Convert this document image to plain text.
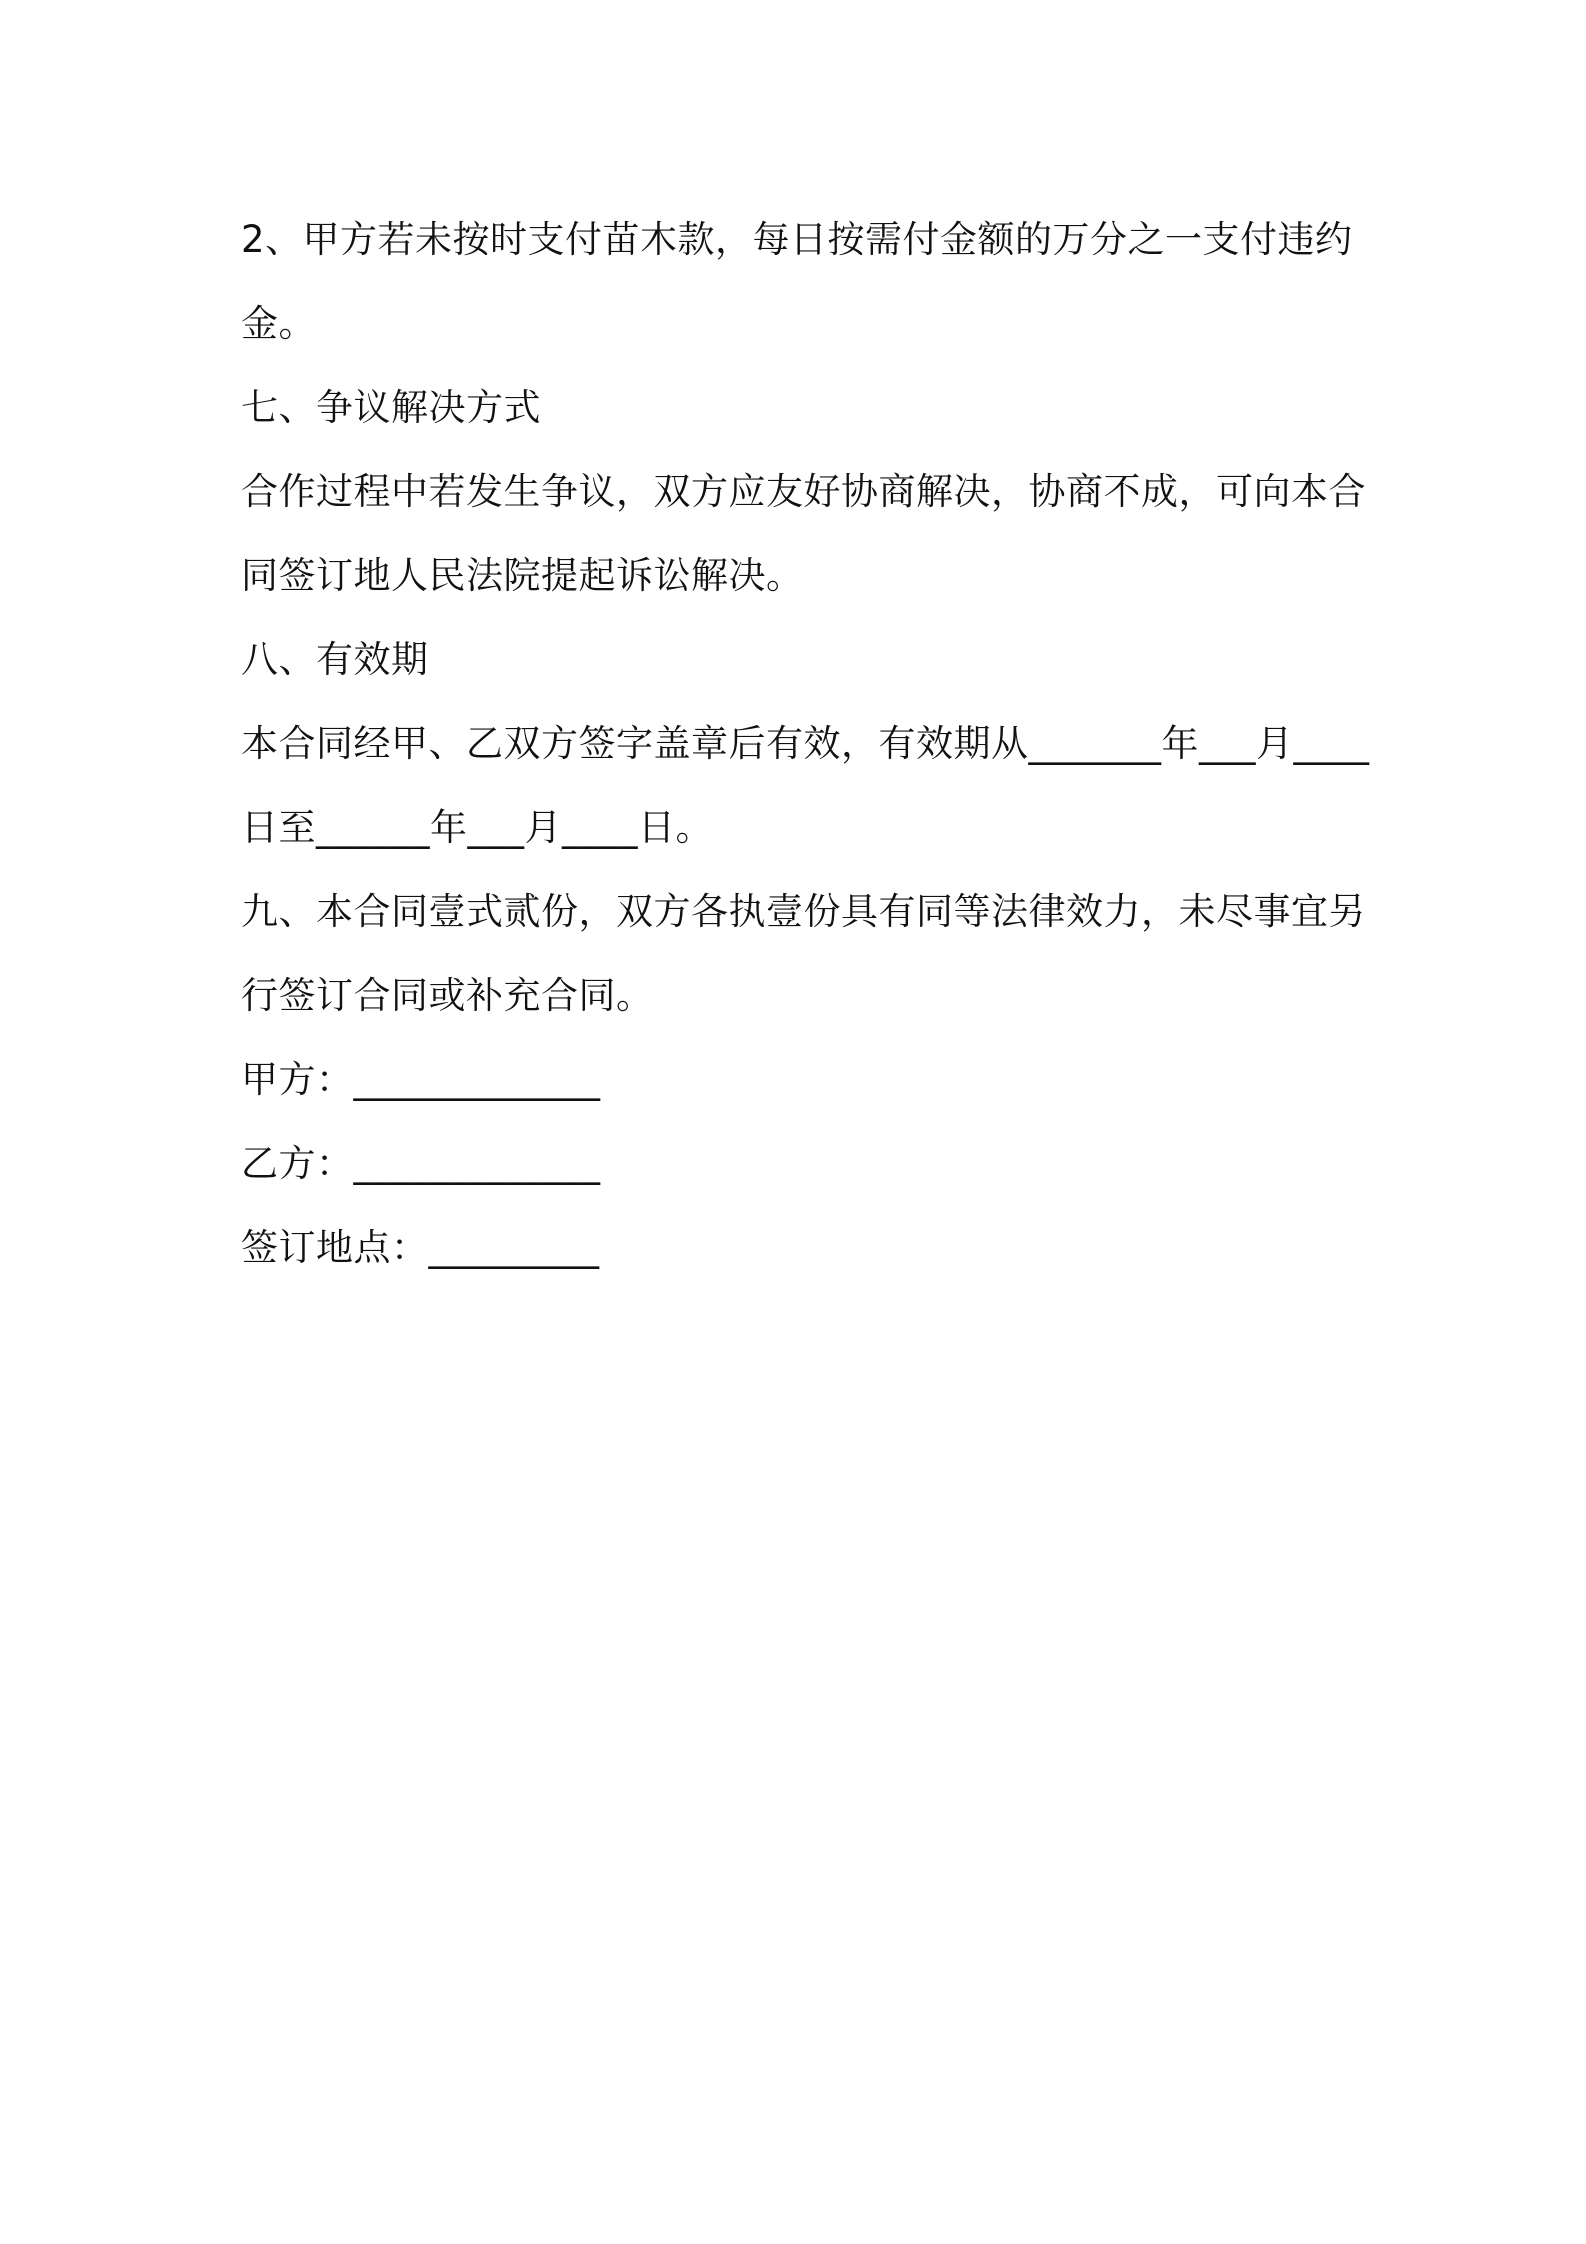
2、甲方若未按时支付苗木款，每日按需付金额的万分之一支付违约
金。
七、争议解决方式
合作过程中若发生争议，双方应友好协商解决，协商不成，可向本合
同签订地人民法院提起诉讼解决。
八、有效期
本合同经甲、乙双方签字盖章后有效，有效期从_______年___月____
日至______年___月____日。
九、本合同壹式贰份，双方各执壹份具有同等法律效力，未尽事宜另
行签订合同或补充合同。
甲方：_____________
乙方：_____________
签订地点：_________
